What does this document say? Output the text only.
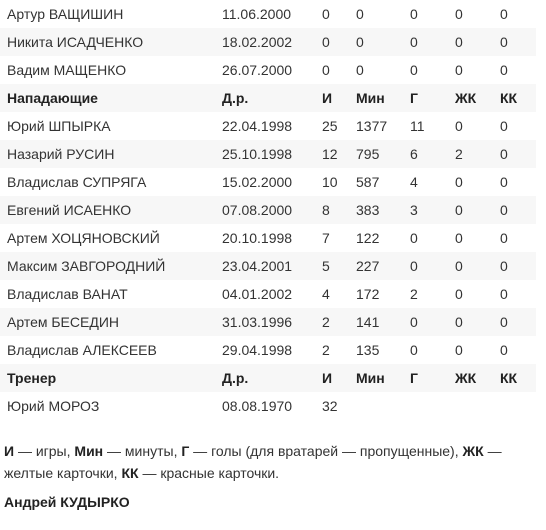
Артур ВАЩИШИН	11.06.2000	0	0	0	0	0
Никита ИСАДЧЕНКО	18.02.2002	0	0	0	0	0
Вадим МАЩЕНКО	26.07.2000	0	0	0	0	0
Нападающие	Д.р.	И	Мин	Г	ЖК	КК
Юрий ШПЫРКА	22.04.1998	25	1377	11	0	0
Назарий РУСИН	25.10.1998	12	795	6	2	0
Владислав СУПРЯГА	15.02.2000	10	587	4	0	0
Евгений ИСАЕНКО	07.08.2000	8	383	3	0	0
Артем ХОЦЯНОВСКИЙ	20.10.1998	7	122	0	0	0
Максим ЗАВГОРОДНИЙ	23.04.2001	5	227	0	0	0
Владислав ВАНАТ	04.01.2002	4	172	2	0	0
Артем БЕСЕДИН	31.03.1996	2	141	0	0	0
Владислав АЛЕКСЕЕВ	29.04.1998	2	135	0	0	0
Тренер	Д.р.	И	Мин	Г	ЖК	КК
Юрий МОРОЗ	08.08.1970	32				

И — игры, Мин — минуты, Г — голы (для вратарей — пропущенные), ЖК — желтые карточки, КК — красные карточки.

Андрей КУДЫРКО
